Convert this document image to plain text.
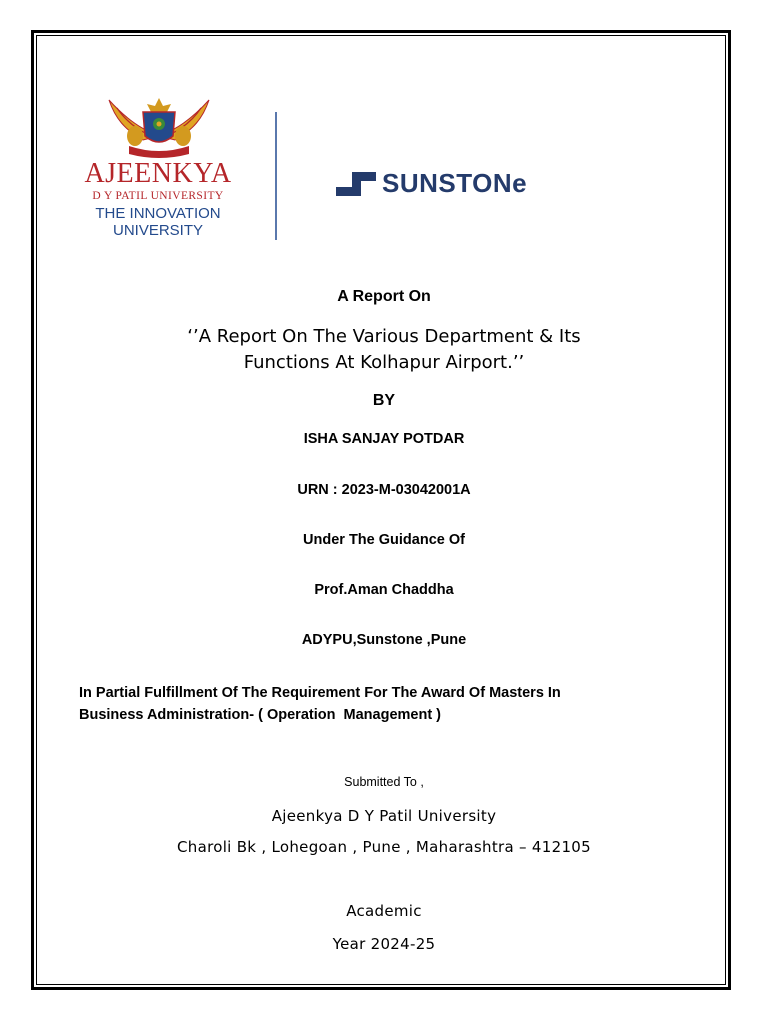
AJEENKYA
D Y PATIL UNIVERSITY
THE INNOVATION
UNIVERSITY
SUNSTONe
A Report On
‘’A Report On The Various Department & Its
Functions At Kolhapur Airport.’’
BY
ISHA SANJAY POTDAR
URN : 2023-M-03042001A
Under The Guidance Of
Prof.Aman Chaddha
ADYPU,Sunstone ,Pune
In Partial Fulfillment Of The Requirement For The Award Of Masters In
Business Administration- ( Operation  Management )
Submitted To ,
Ajeenkya D Y Patil University
Charoli Bk , Lohegoan , Pune , Maharashtra – 412105
Academic
Year 2024-25
